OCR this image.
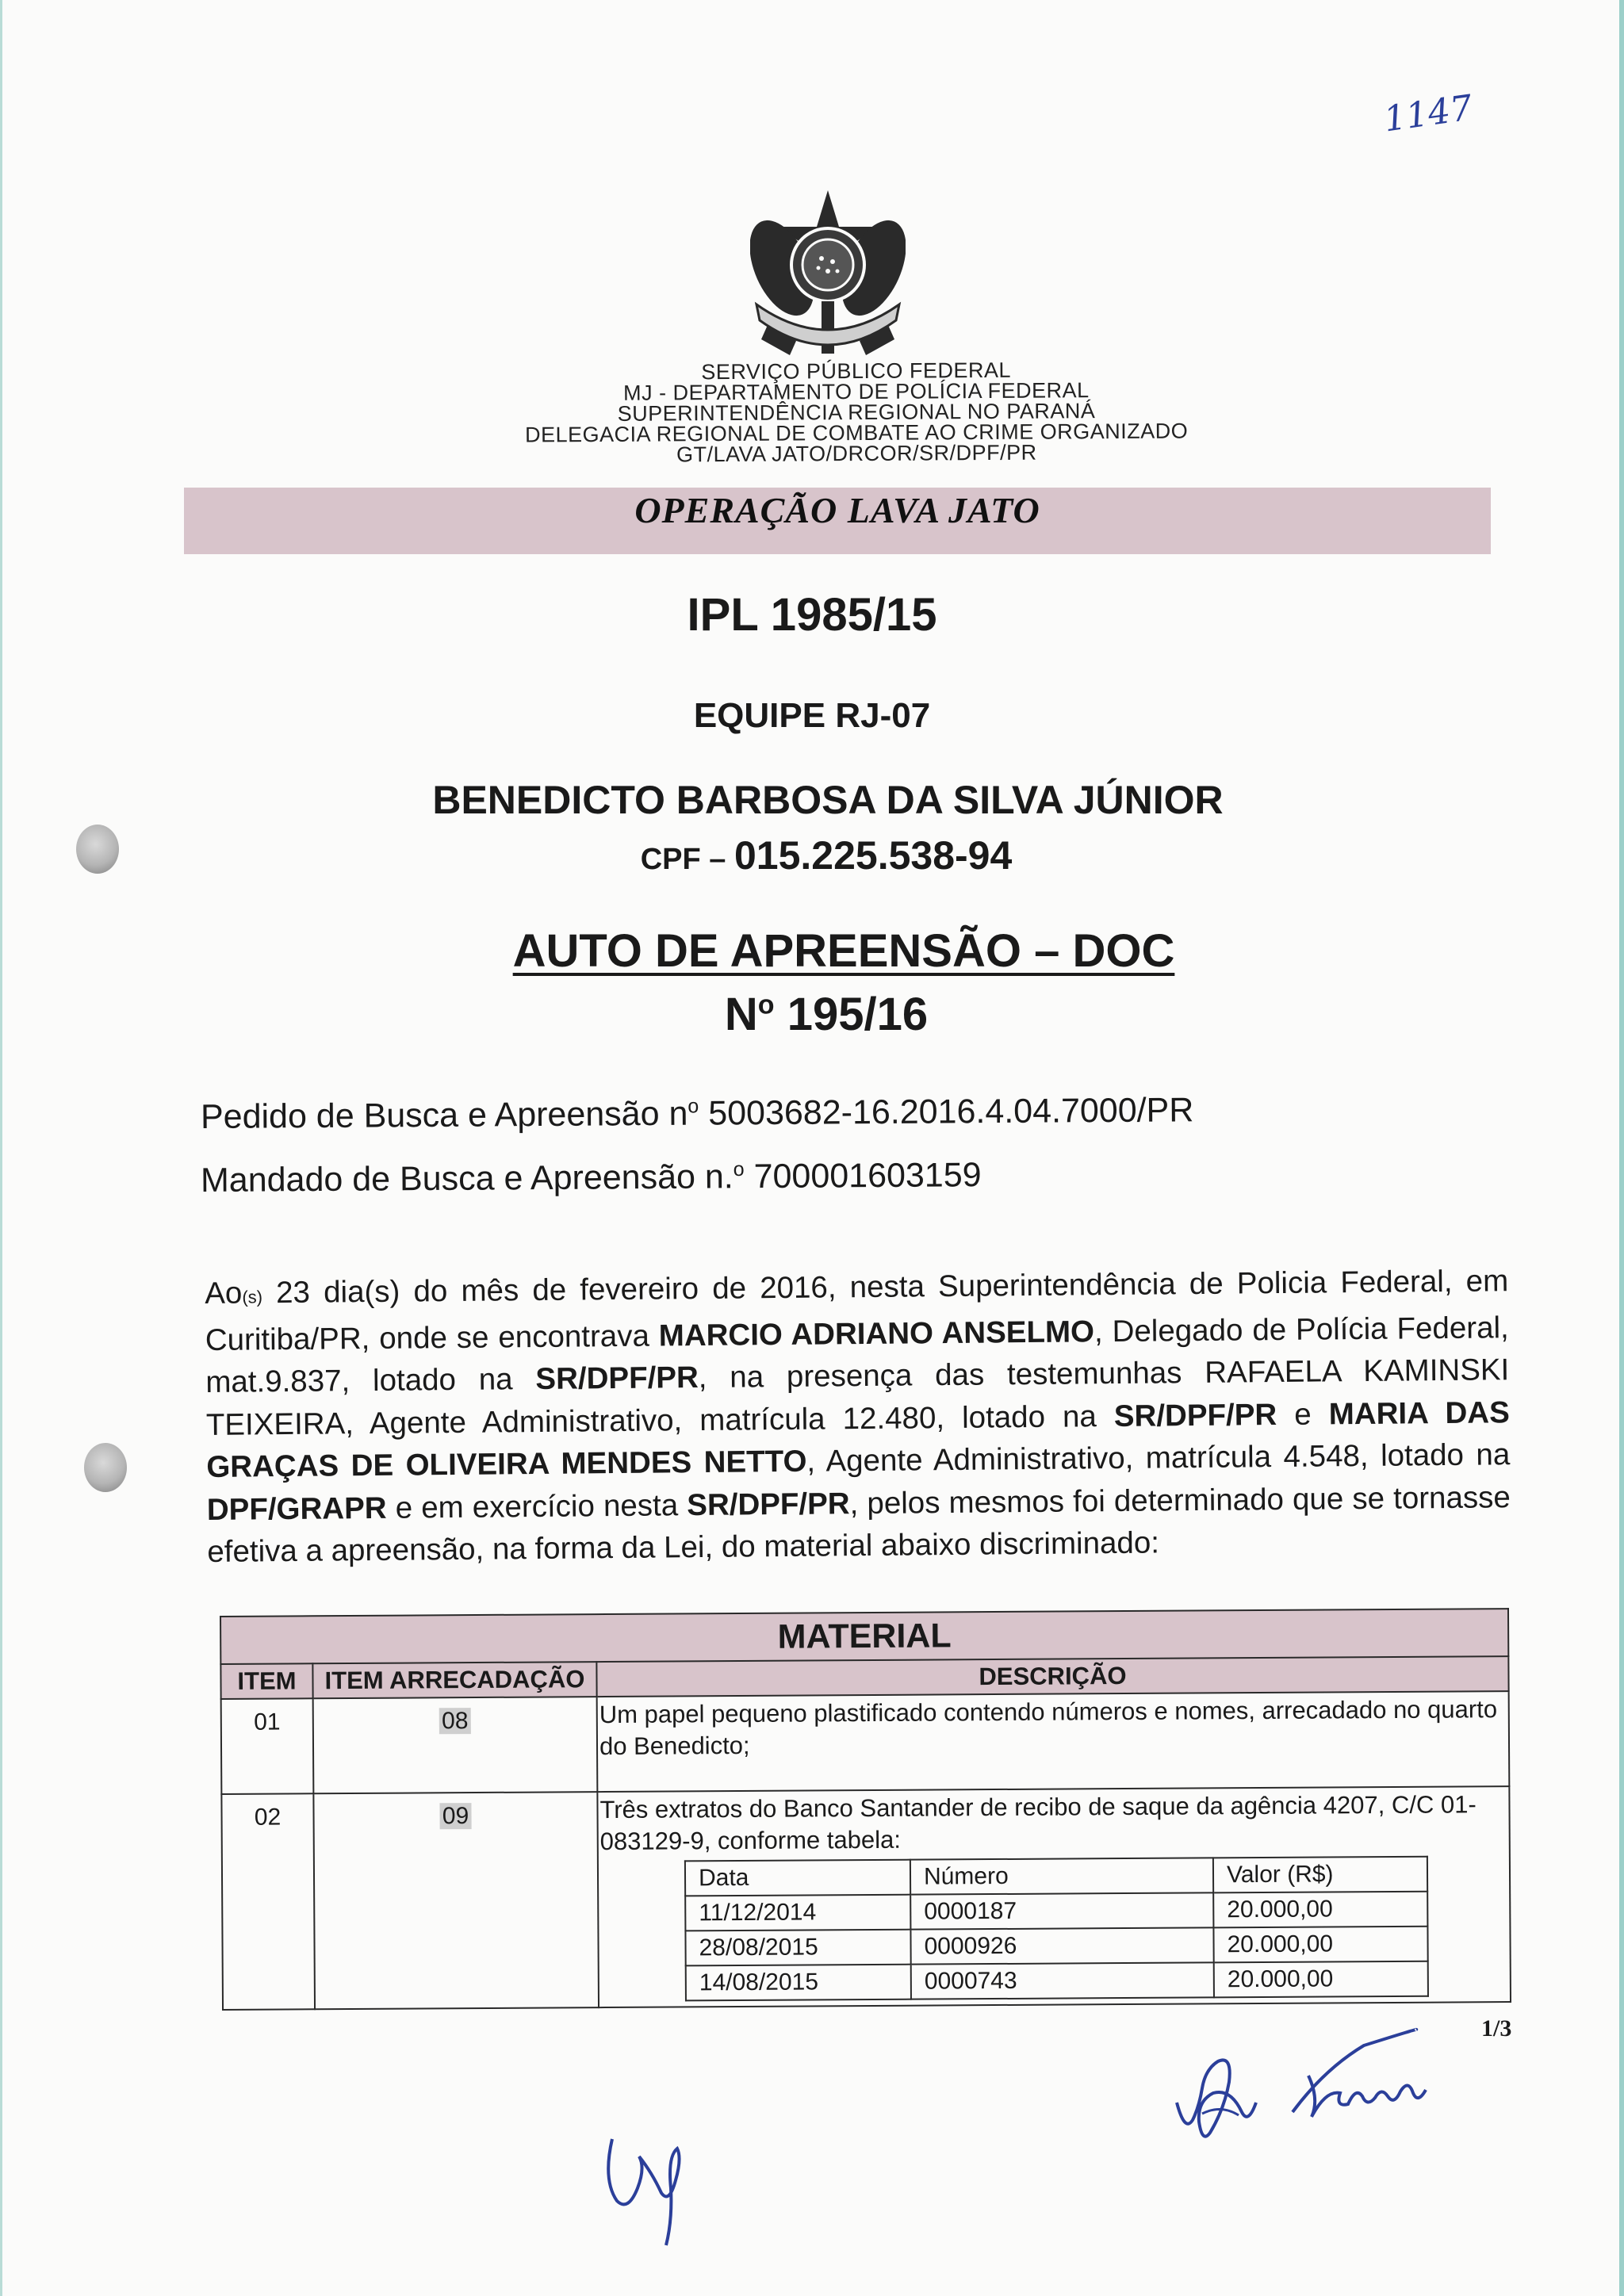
1147
SERVIÇO PÚBLICO FEDERAL
MJ - DEPARTAMENTO DE POLÍCIA FEDERAL
SUPERINTENDÊNCIA REGIONAL NO PARANÁ
DELEGACIA REGIONAL DE COMBATE AO CRIME ORGANIZADO
GT/LAVA JATO/DRCOR/SR/DPF/PR
OPERAÇÃO LAVA JATO
IPL 1985/15
EQUIPE RJ-07
BENEDICTO BARBOSA DA SILVA JÚNIOR
CPF – 015.225.538-94
AUTO DE APREENSÃO – DOC
$N^o$ 195/16
Pedido de Busca e Apreensão $n^o$ 5003682-16.2016.4.04.7000/PR
Mandado de Busca e Apreensão n.$^o$ 700001603159
Ao(s) 23 dia(s) do mês de fevereiro de 2016, nesta Superintendência de Policia Federal, em Curitiba/PR, onde se encontrava MARCIO ADRIANO ANSELMO, Delegado de Polícia Federal, mat.9.837, lotado na SR/DPF/PR, na presença das testemunhas RAFAELA KAMINSKI TEIXEIRA, Agente Administrativo, matrícula 12.480, lotado na SR/DPF/PR e MARIA DAS GRAÇAS DE OLIVEIRA MENDES NETTO, Agente Administrativo, matrícula 4.548, lotado na DPF/GRAPR e em exercício nesta SR/DPF/PR, pelos mesmos foi determinado que se tornasse efetiva a apreensão, na forma da Lei, do material abaixo discriminado:
MATERIAL
ITEM	ITEM ARRECADAÇÃO	DESCRIÇÃO
01	08	Um papel pequeno plastificado contendo números e nomes, arrecadado no quarto do Benedicto;
02	09	Três extratos do Banco Santander de recibo de saque da agência 4207, C/C 01-083129-9, conforme tabela:
Data	Número	Valor (R$)
11/12/2014	0000187	20.000,00
28/08/2015	0000926	20.000,00
14/08/2015	0000743	20.000,00
1/3
